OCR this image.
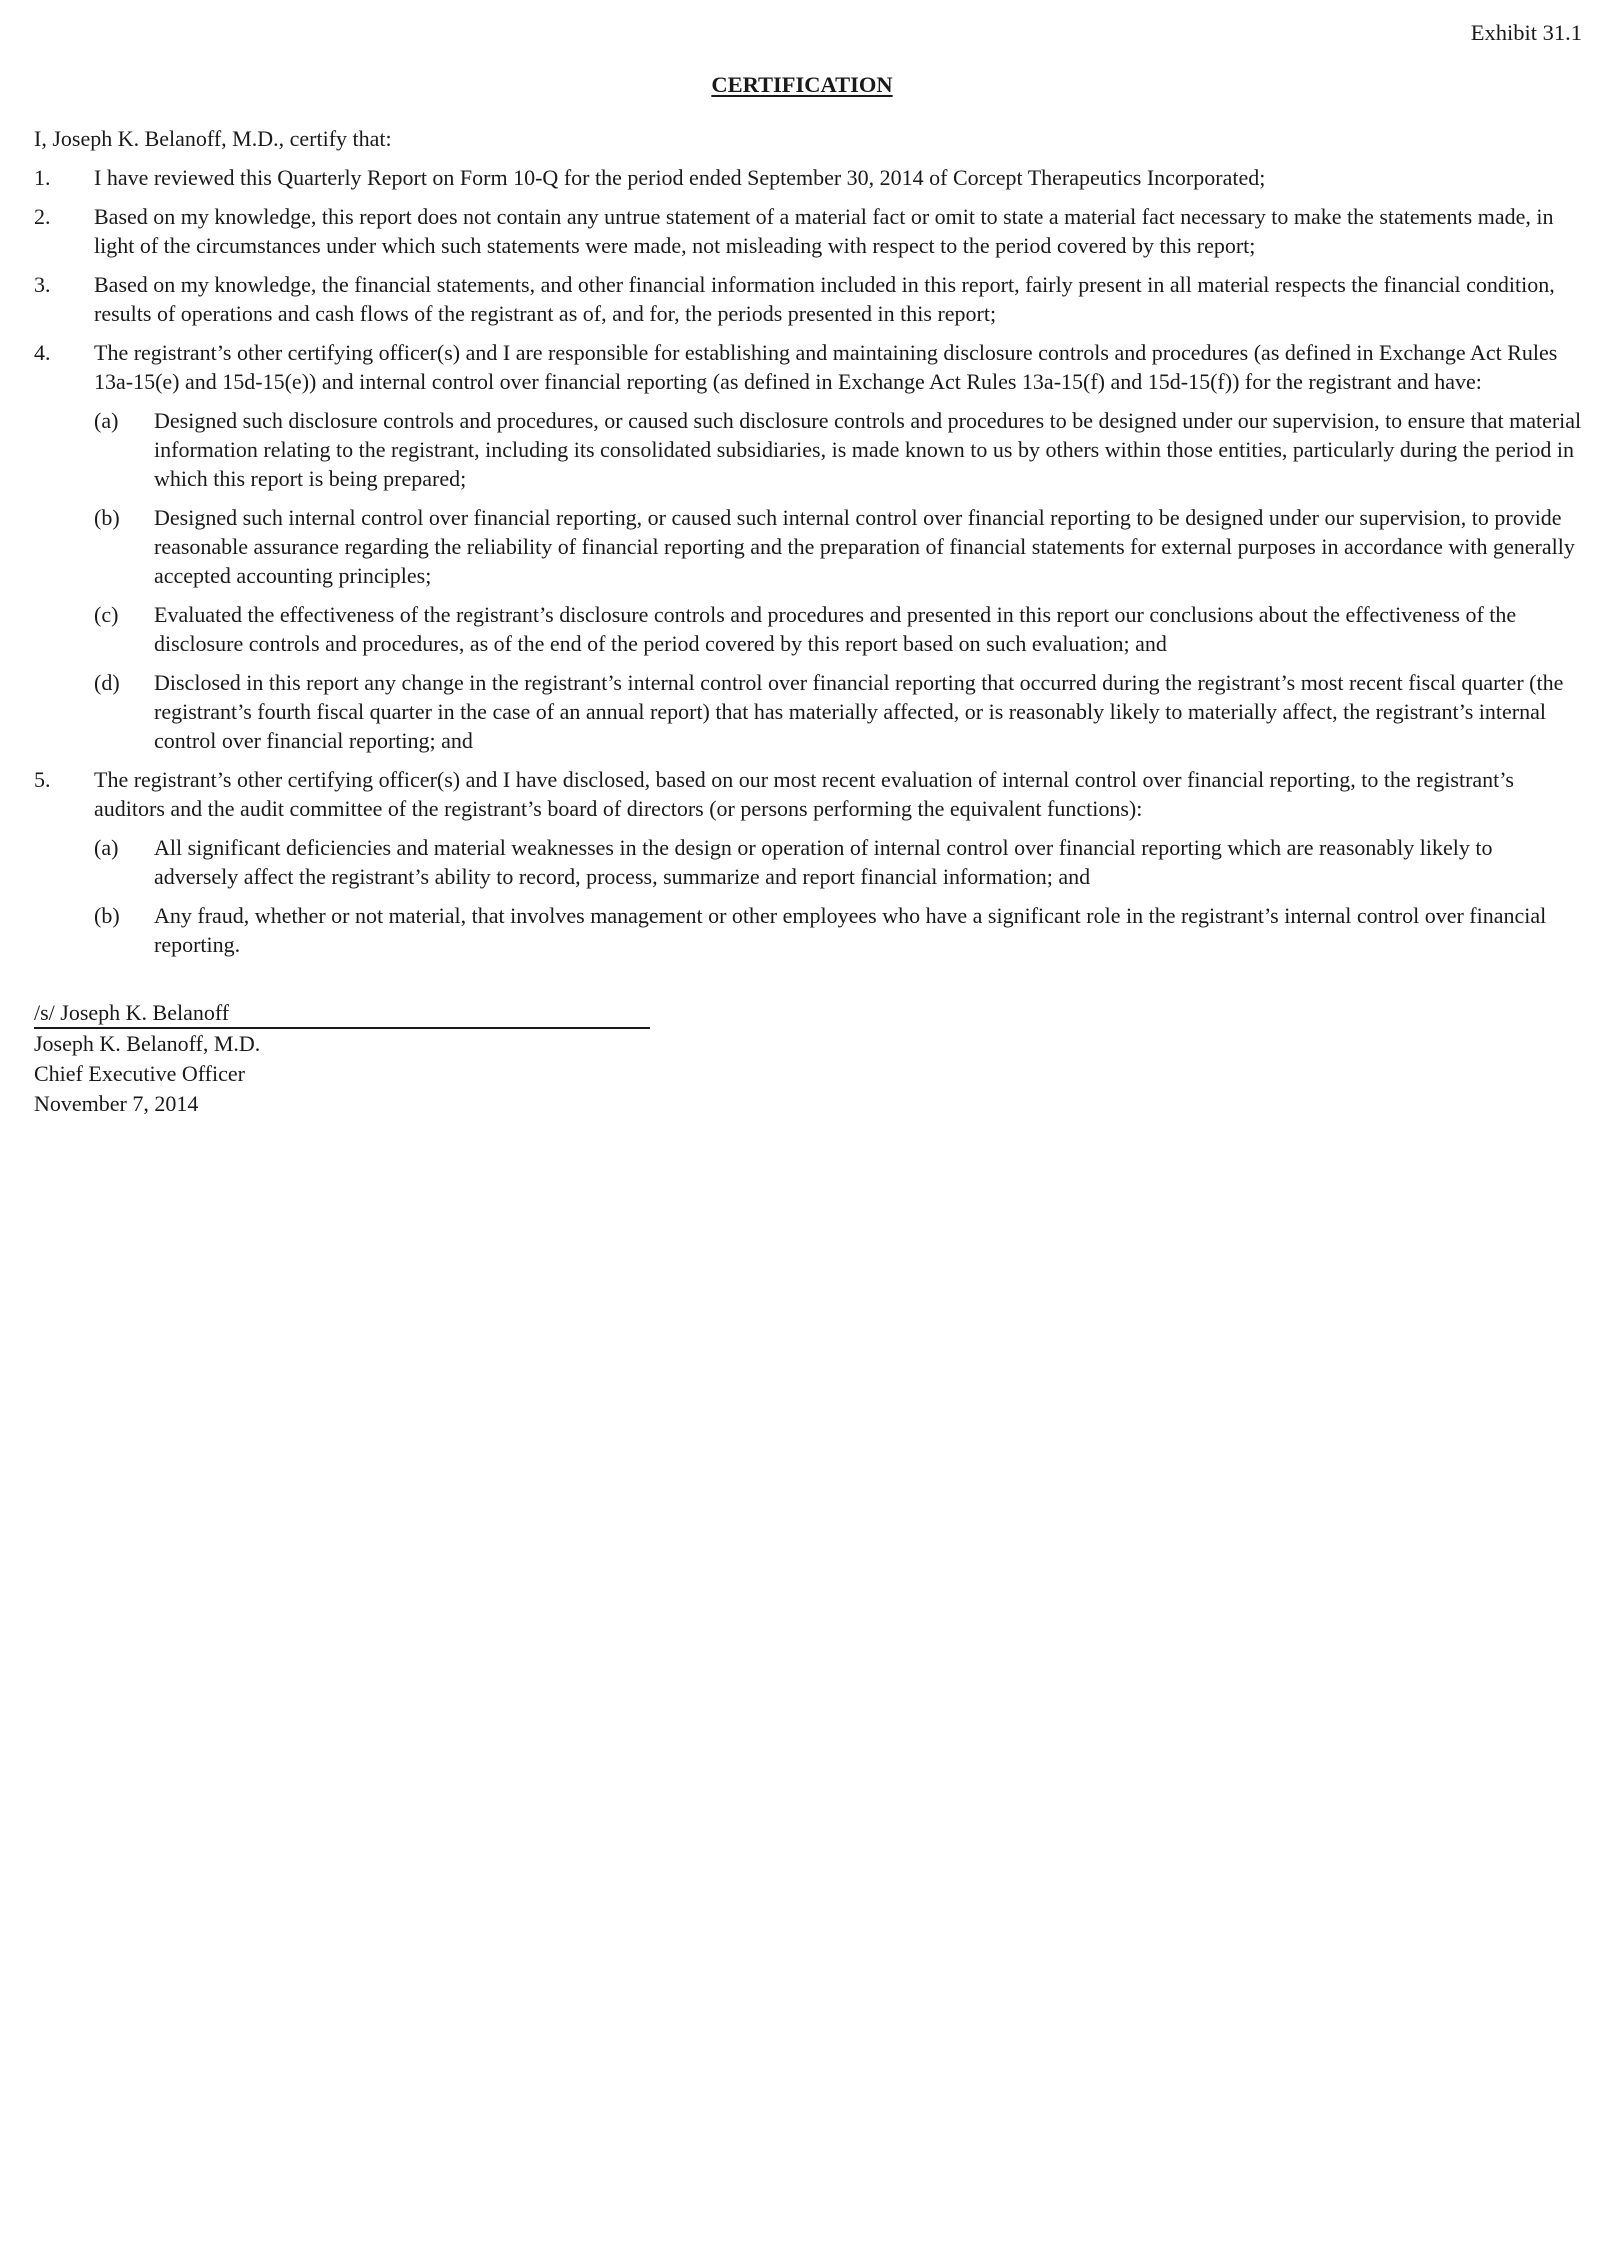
Exhibit 31.1
CERTIFICATION
I, Joseph K. Belanoff, M.D., certify that:
1.	I have reviewed this Quarterly Report on Form 10-Q for the period ended September 30, 2014 of Corcept Therapeutics Incorporated;
2.	Based on my knowledge, this report does not contain any untrue statement of a material fact or omit to state a material fact necessary to make the statements made, in light of the circumstances under which such statements were made, not misleading with respect to the period covered by this report;
3.	Based on my knowledge, the financial statements, and other financial information included in this report, fairly present in all material respects the financial condition, results of operations and cash flows of the registrant as of, and for, the periods presented in this report;
4.	The registrant’s other certifying officer(s) and I are responsible for establishing and maintaining disclosure controls and procedures (as defined in Exchange Act Rules 13a-15(e) and 15d-15(e)) and internal control over financial reporting (as defined in Exchange Act Rules 13a-15(f) and 15d-15(f)) for the registrant and have:
(a)	Designed such disclosure controls and procedures, or caused such disclosure controls and procedures to be designed under our supervision, to ensure that material information relating to the registrant, including its consolidated subsidiaries, is made known to us by others within those entities, particularly during the period in which this report is being prepared;
(b)	Designed such internal control over financial reporting, or caused such internal control over financial reporting to be designed under our supervision, to provide reasonable assurance regarding the reliability of financial reporting and the preparation of financial statements for external purposes in accordance with generally accepted accounting principles;
(c)	Evaluated the effectiveness of the registrant’s disclosure controls and procedures and presented in this report our conclusions about the effectiveness of the disclosure controls and procedures, as of the end of the period covered by this report based on such evaluation; and
(d)	Disclosed in this report any change in the registrant’s internal control over financial reporting that occurred during the registrant’s most recent fiscal quarter (the registrant’s fourth fiscal quarter in the case of an annual report) that has materially affected, or is reasonably likely to materially affect, the registrant’s internal control over financial reporting; and
5.	The registrant’s other certifying officer(s) and I have disclosed, based on our most recent evaluation of internal control over financial reporting, to the registrant’s auditors and the audit committee of the registrant’s board of directors (or persons performing the equivalent functions):
(a)	All significant deficiencies and material weaknesses in the design or operation of internal control over financial reporting which are reasonably likely to adversely affect the registrant’s ability to record, process, summarize and report financial information; and
(b)	Any fraud, whether or not material, that involves management or other employees who have a significant role in the registrant’s internal control over financial reporting.
/s/ Joseph K. Belanoff
Joseph K. Belanoff, M.D.
Chief Executive Officer
November 7, 2014
